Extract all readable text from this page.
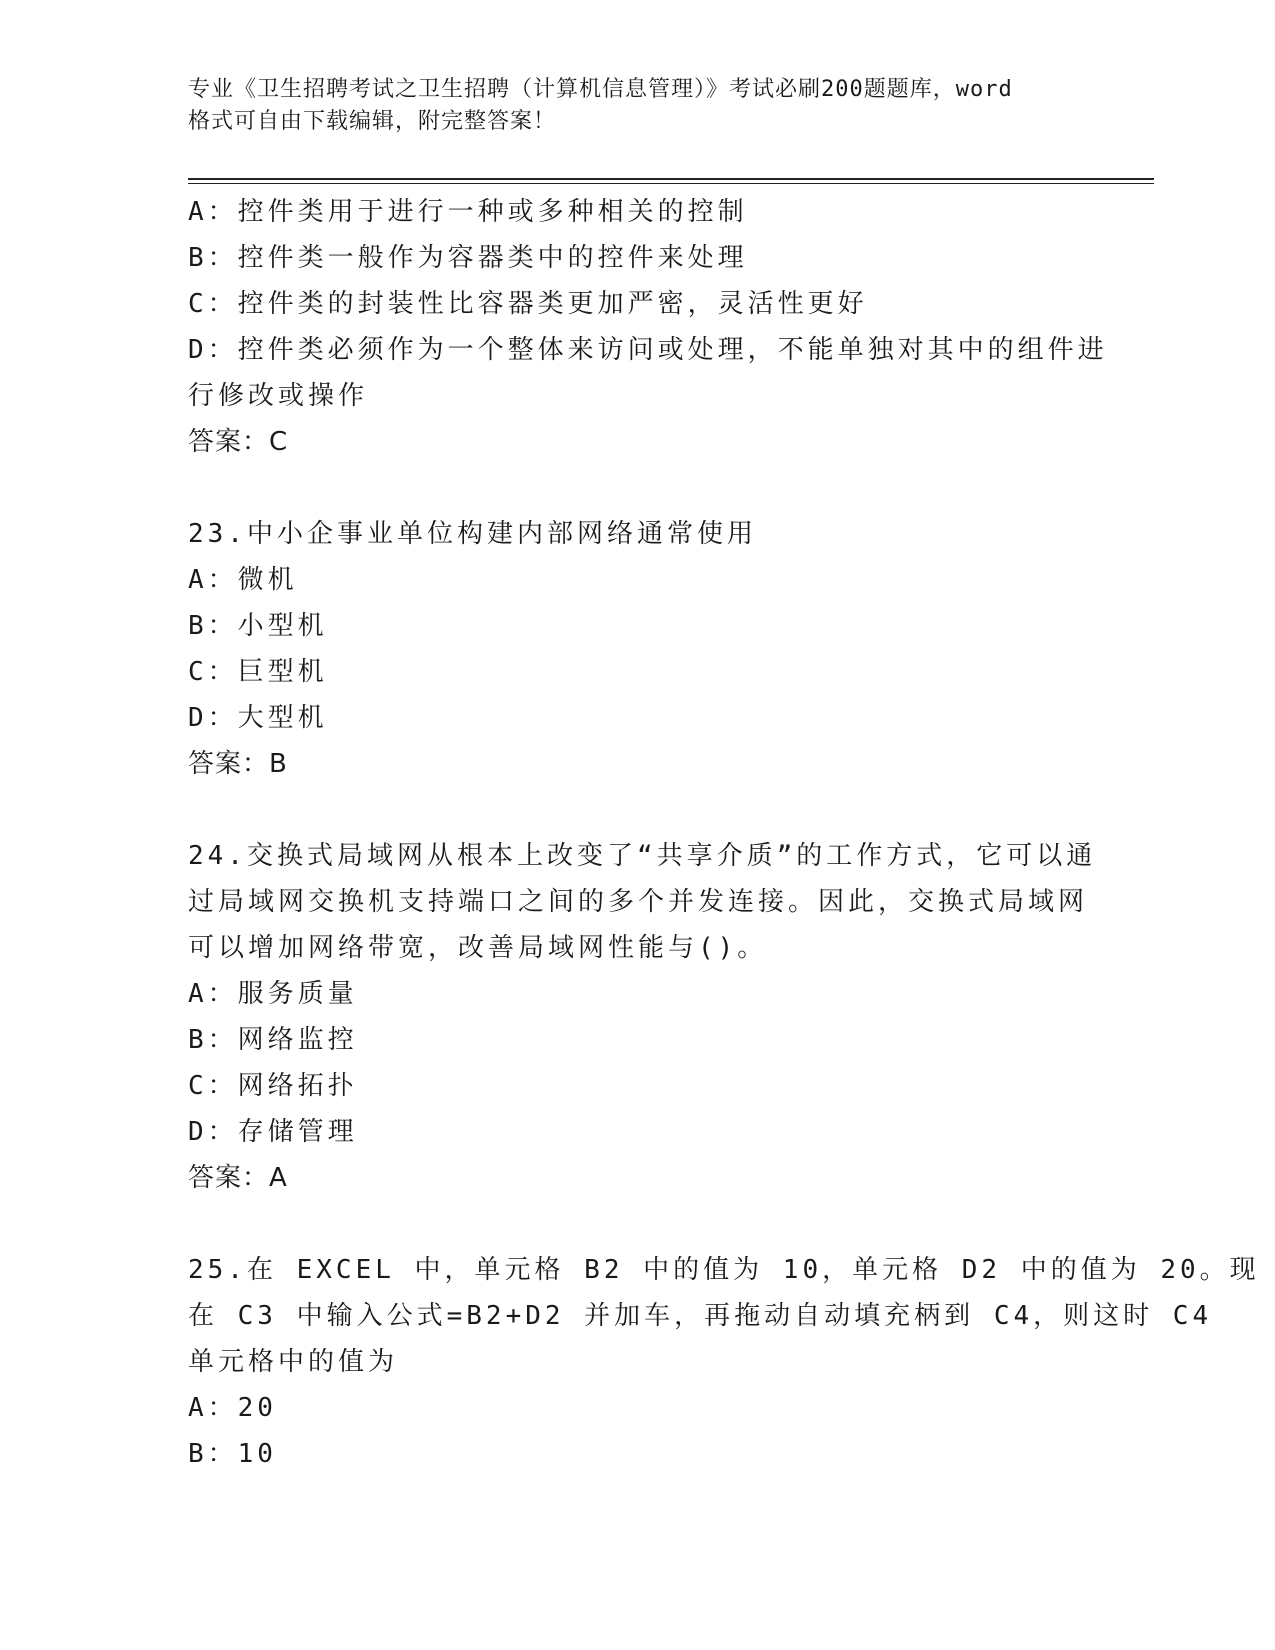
专业《卫生招聘考试之卫生招聘（计算机信息管理）》考试必刷200题题库，word
格式可自由下载编辑，附完整答案！
A：控件类用于进行一种或多种相关的控制
B：控件类一般作为容器类中的控件来处理
C：控件类的封装性比容器类更加严密，灵活性更好
D：控件类必须作为一个整体来访问或处理，不能单独对其中的组件进
行修改或操作
答案：C
23.中小企事业单位构建内部网络通常使用
A：微机
B：小型机
C：巨型机
D：大型机
答案：B
24.交换式局域网从根本上改变了“共享介质”的工作方式，它可以通
过局域网交换机支持端口之间的多个并发连接。因此，交换式局域网
可以增加网络带宽，改善局域网性能与()。
A：服务质量
B：网络监控
C：网络拓扑
D：存储管理
答案：A
25.在 EXCEL 中，单元格 B2 中的值为 10，单元格 D2 中的值为 20。现
在 C3 中输入公式=B2+D2 并加车，再拖动自动填充柄到 C4，则这时 C4
单元格中的值为
A：20
B：10
